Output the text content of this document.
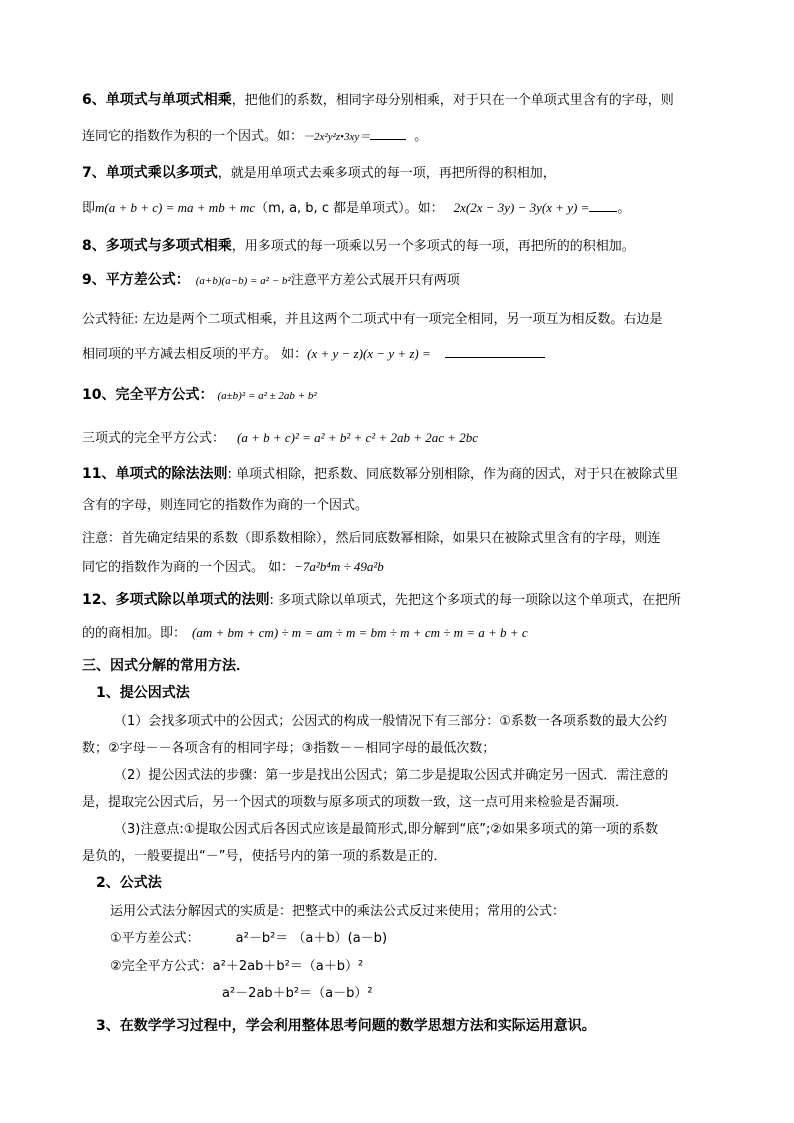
6、单项式与单项式相乘，把他们的系数，相同字母分别相乘，对于只在一个单项式里含有的字母，则
连同它的指数作为积的一个因式。如：－2x²y²z•3xy＝	。
7、单项式乘以多项式，就是用单项式去乘多项式的每一项，再把所得的积相加，
即m(a + b + c) = ma + mb + mc（m, a, b, c 都是单项式）。如： 2x(2x − 3y) − 3y(x + y) = 。
8、多项式与多项式相乘，用多项式的每一项乘以另一个多项式的每一项，再把所的的积相加。
9、平方差公式： (a+b)(a−b) = a² − b²注意平方差公式展开只有两项
公式特征: 左边是两个二项式相乘，并且这两个二项式中有一项完全相同，另一项互为相反数。右边是
相同项的平方减去相反项的平方。 如：(x + y − z)(x − y + z) =
10、完全平方公式： (a±b)² = a² ± 2ab + b²
三项式的完全平方公式： (a + b + c)² = a² + b² + c² + 2ab + 2ac + 2bc
11、单项式的除法法则: 单项式相除，把系数、同底数幂分别相除，作为商的因式，对于只在被除式里
含有的字母，则连同它的指数作为商的一个因式。
注意：首先确定结果的系数（即系数相除），然后同底数幂相除，如果只在被除式里含有的字母，则连
同它的指数作为商的一个因式。 如：−7a²b⁴m ÷ 49a²b
12、多项式除以单项式的法则: 多项式除以单项式，先把这个多项式的每一项除以这个单项式，在把所
的的商相加。即： (am + bm + cm) ÷ m = am ÷ m = bm ÷ m + cm ÷ m = a + b + c
三、因式分解的常用方法．
1、提公因式法
（1）会找多项式中的公因式；公因式的构成一般情况下有三部分：①系数一各项系数的最大公约
数；②字母－－各项含有的相同字母；③指数－－相同字母的最低次数；
（2）提公因式法的步骤：第一步是找出公因式；第二步是提取公因式并确定另一因式．需注意的
是，提取完公因式后，另一个因式的项数与原多项式的项数一致，这一点可用来检验是否漏项．
（3)注意点:①提取公因式后各因式应该是最简形式,即分解到“底”;②如果多项式的第一项的系数
是负的，一般要提出“－”号，使括号内的第一项的系数是正的．
2、公式法
运用公式法分解因式的实质是：把整式中的乘法公式反过来使用；常用的公式：
①平方差公式：	a²－b²＝ （a＋b）(a－b)
②完全平方公式：a²＋2ab＋b²＝（a＋b）²
a²－2ab＋b²＝（a－b）²
3、在数学学习过程中，学会利用整体思考问题的数学思想方法和实际运用意识。
